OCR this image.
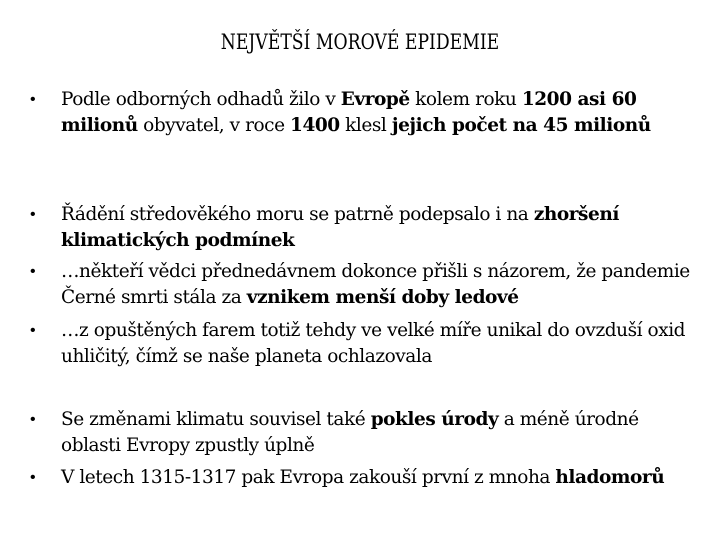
NEJVĚTŠÍ MOROVÉ EPIDEMIE
•	Podle odborných odhadů žilo v Evropě kolem roku 1200 asi 60 milionů obyvatel, v roce 1400 klesl jejich počet na 45 milionů
•	Řádění středověkého moru se patrně podepsalo i na zhoršení klimatických podmínek
•	…někteří vědci přednedávnem dokonce přišli s názorem, že pandemie Černé smrti stála za vznikem menší doby ledové
•	…z opuštěných farem totiž tehdy ve velké míře unikal do ovzduší oxid uhličitý, čímž se naše planeta ochlazovala
•	Se změnami klimatu souvisel také pokles úrody a méně úrodné oblasti Evropy zpustly úplně
•	V letech 1315-1317 pak Evropa zakouší první z mnoha hladomorů
